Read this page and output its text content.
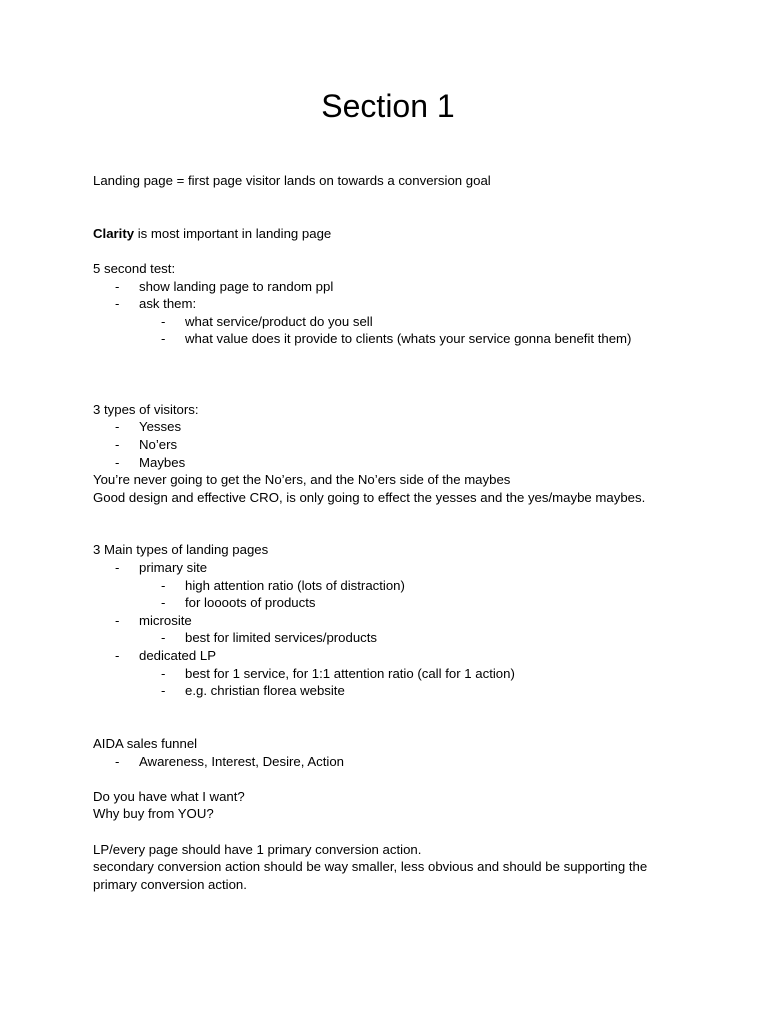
Section 1

Landing page = first page visitor lands on towards a conversion goal

Clarity is most important in landing page

5 second test:

- show landing page to random ppl
- ask them:
- what service/product do you sell
- what value does it provide to clients (whats your service gonna benefit them)

3 types of visitors:

- Yesses
- No’ers
- Maybes

You’re never going to get the No’ers, and the No’ers side of the maybes

Good design and effective CRO, is only going to effect the yesses and the yes/maybe maybes.

3 Main types of landing pages

- primary site
- high attention ratio (lots of distraction)
- for loooots of products
- microsite
- best for limited services/products
- dedicated LP
- best for 1 service, for 1:1 attention ratio (call for 1 action)
- e.g. christian florea website

AIDA sales funnel

- Awareness, Interest, Desire, Action

Do you have what I want?

Why buy from YOU?

LP/every page should have 1 primary conversion action.

secondary conversion action should be way smaller, less obvious and should be supporting the primary conversion action.
